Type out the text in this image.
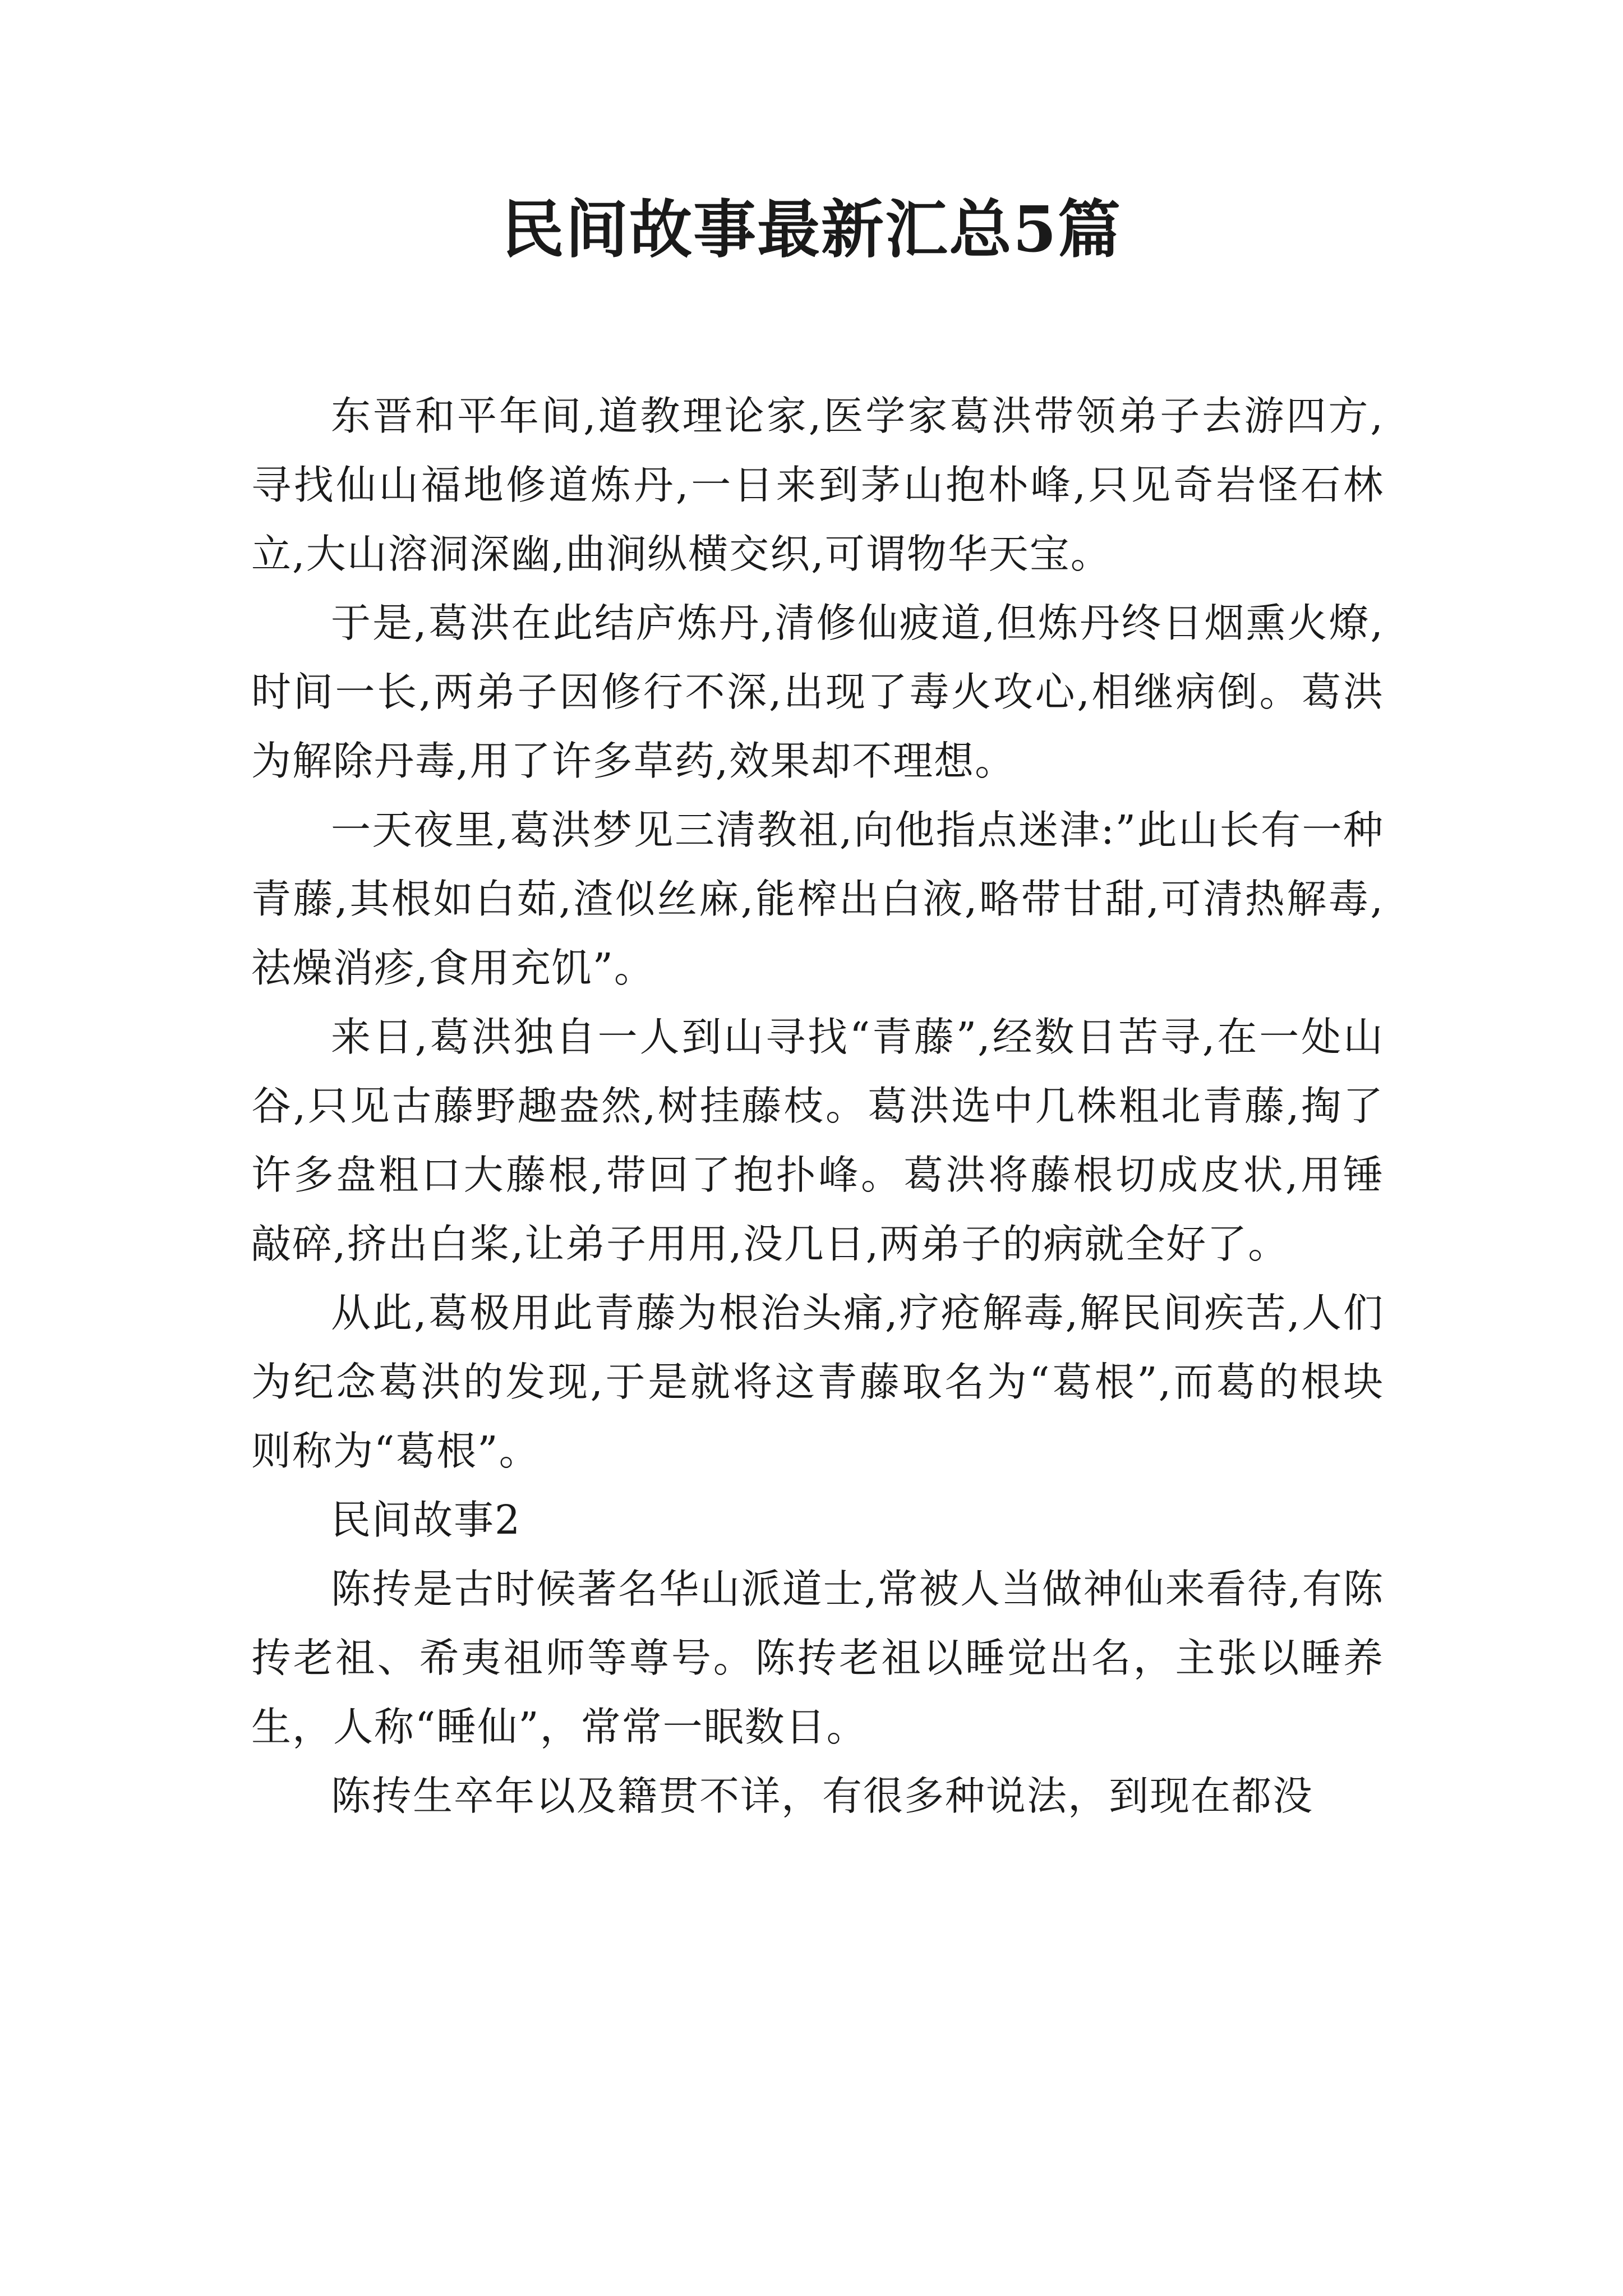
民间故事最新汇总5篇

东晋和平年间,道教理论家,医学家葛洪带领弟子去游四方,寻找仙山福地修道炼丹,一日来到茅山抱朴峰,只见奇岩怪石林立,大山溶洞深幽,曲涧纵横交织,可谓物华天宝。

于是,葛洪在此结庐炼丹,清修仙疲道,但炼丹终日烟熏火燎,时间一长,两弟子因修行不深,出现了毒火攻心,相继病倒。葛洪为解除丹毒,用了许多草药,效果却不理想。

一天夜里,葛洪梦见三清教祖,向他指点迷津:”此山长有一种青藤,其根如白茹,渣似丝麻,能榨出白液,略带甘甜,可清热解毒,祛燥消疹,食用充饥”。

来日,葛洪独自一人到山寻找“青藤”,经数日苦寻,在一处山谷,只见古藤野趣盎然,树挂藤枝。葛洪选中几株粗北青藤,掏了许多盘粗口大藤根,带回了抱扑峰。葛洪将藤根切成皮状,用锤敲碎,挤出白桨,让弟子用用,没几日,两弟子的病就全好了。

从此,葛极用此青藤为根治头痛,疗疮解毒,解民间疾苦,人们为纪念葛洪的发现,于是就将这青藤取名为“葛根”,而葛的根块则称为“葛根”。

民间故事2

陈抟是古时候著名华山派道士,常被人当做神仙来看待,有陈抟老祖、希夷祖师等尊号。陈抟老祖以睡觉出名，主张以睡养生，人称“睡仙”，常常一眠数日。

陈抟生卒年以及籍贯不详，有很多种说法，到现在都没
